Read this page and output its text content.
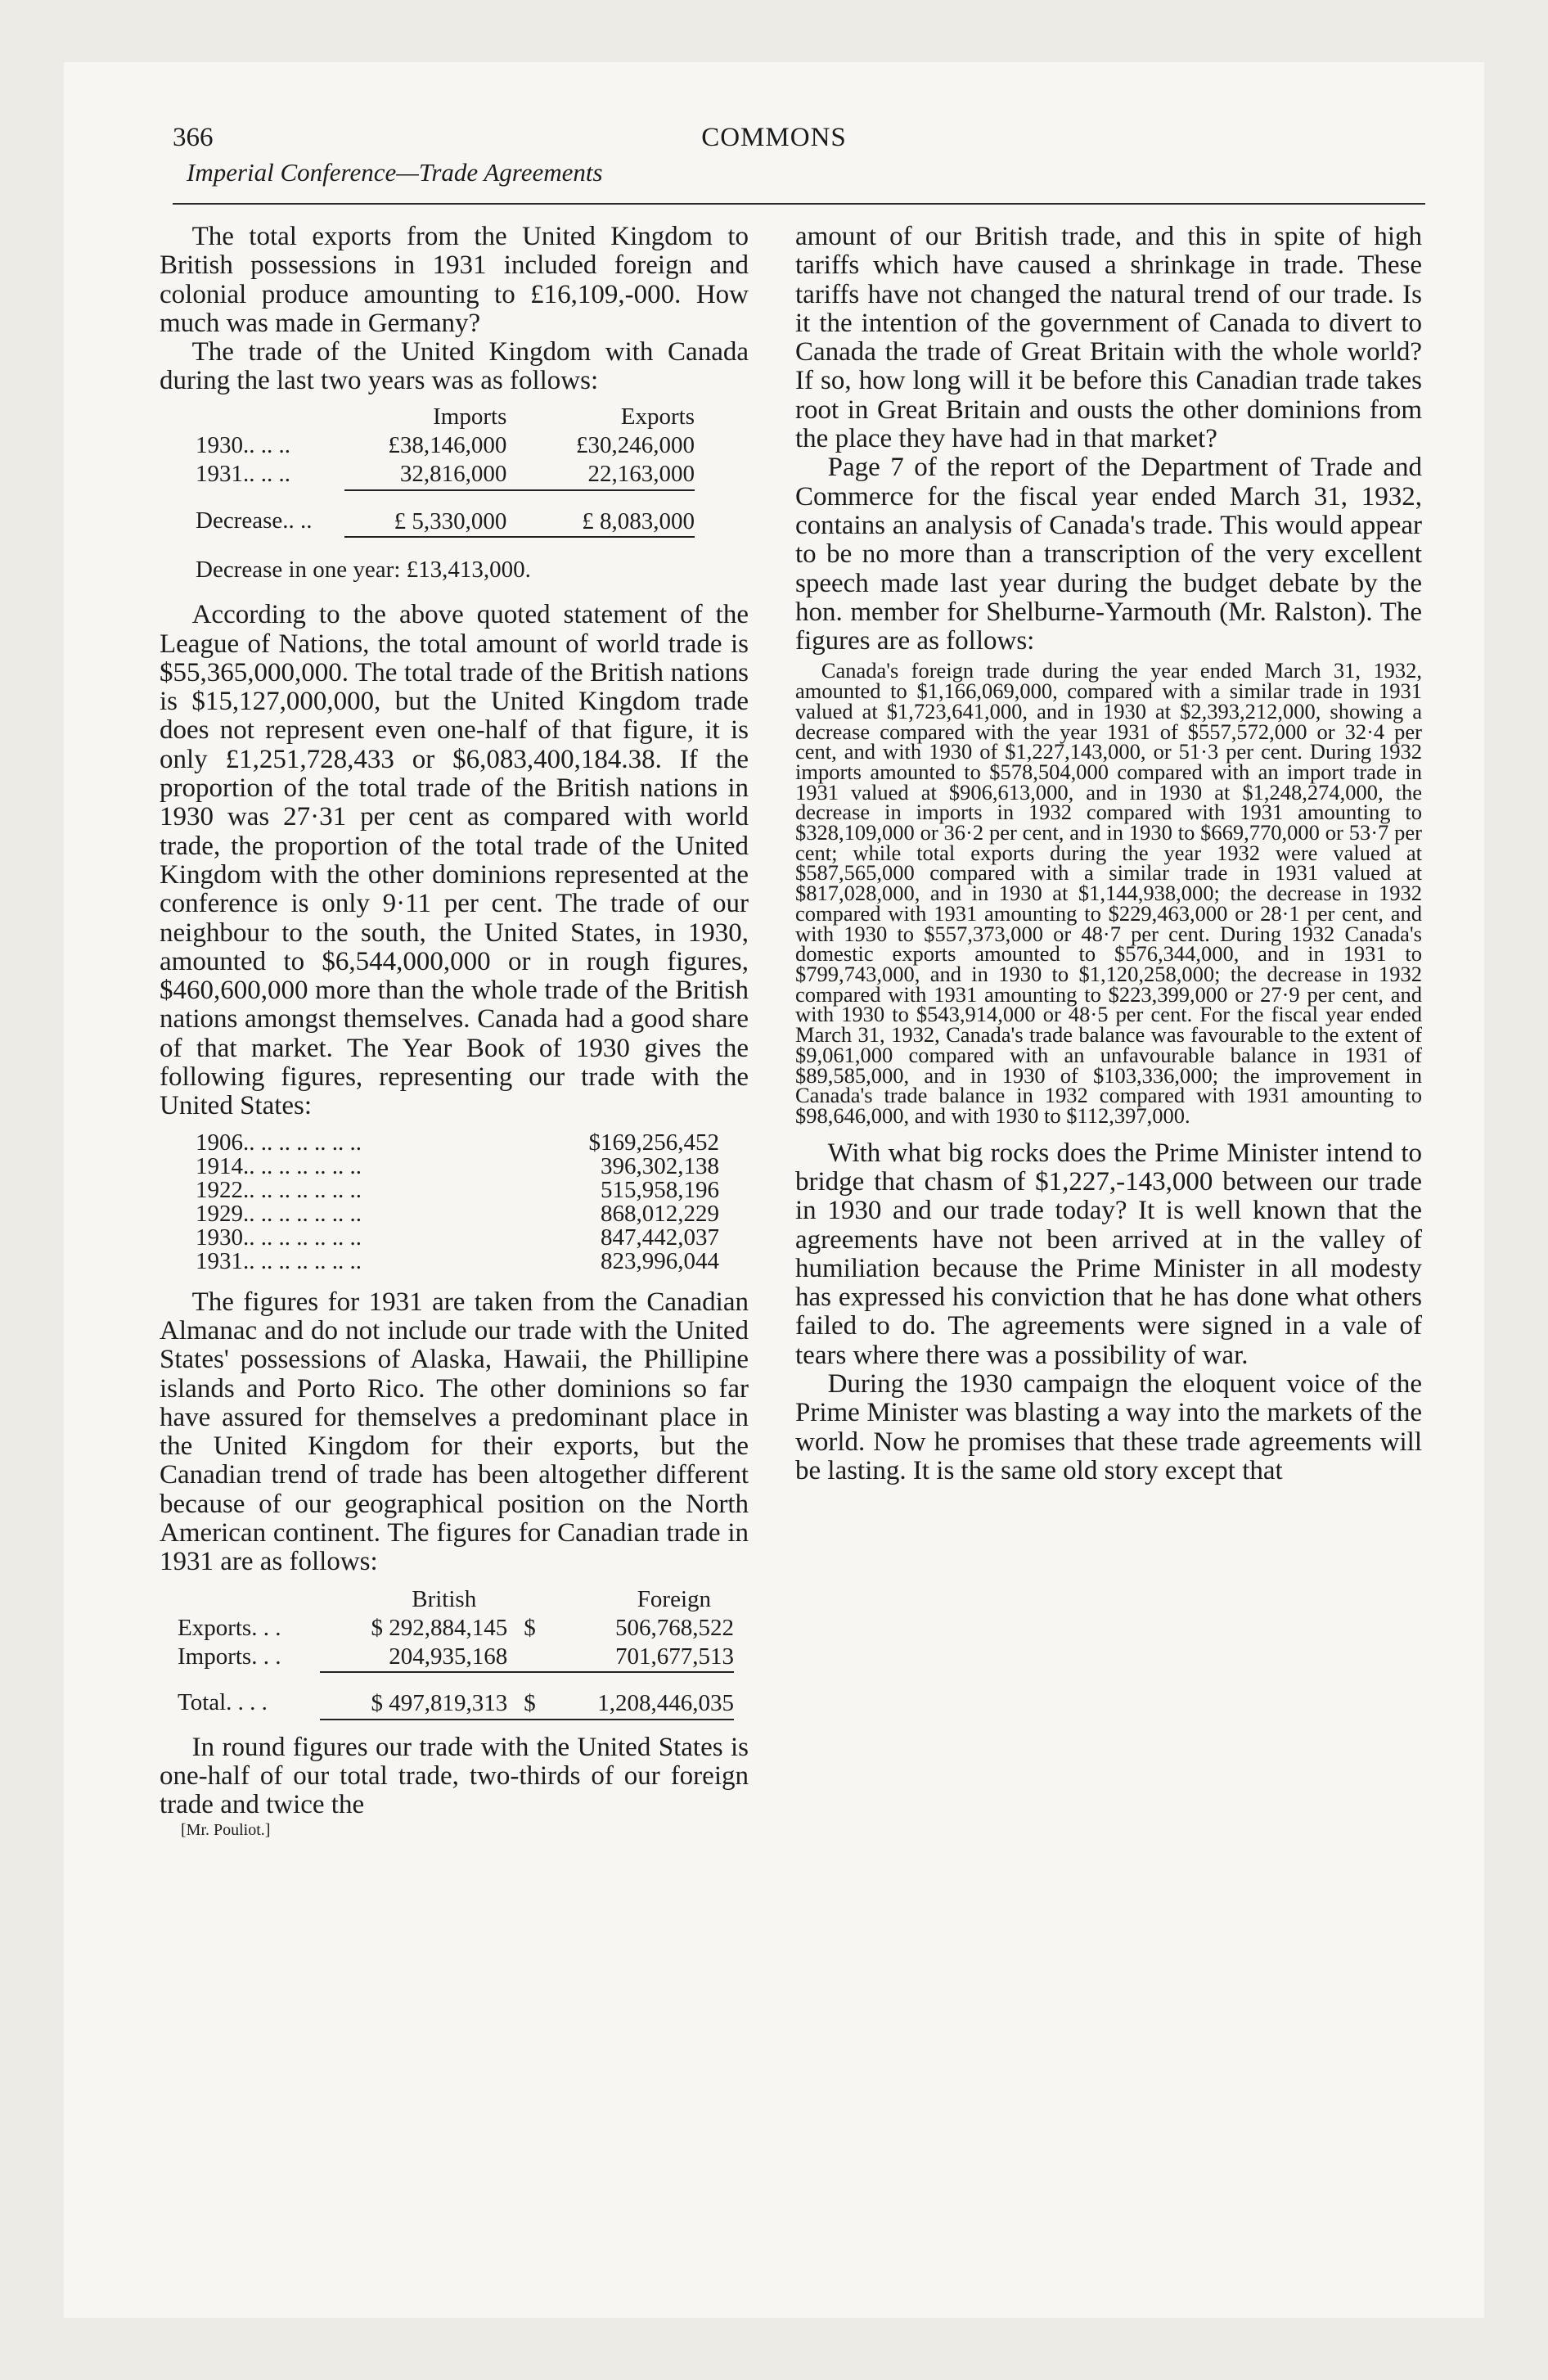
366	COMMONS
Imperial Conference—Trade Agreements

The total exports from the United Kingdom to British possessions in 1931 included foreign and colonial produce amounting to £16,109,-000. How much was made in Germany?

The trade of the United Kingdom with Canada during the last two years was as follows:

	Imports	Exports
1930.. .. ..	£38,146,000	£30,246,000
1931.. .. ..	32,816,000	22,163,000
Decrease.. ..	£ 5,330,000	£ 8,083,000

Decrease in one year: £13,413,000.

According to the above quoted statement of the League of Nations, the total amount of world trade is $55,365,000,000. The total trade of the British nations is $15,127,000,000, but the United Kingdom trade does not represent even one-half of that figure, it is only £1,251,728,433 or $6,083,400,184.38. If the proportion of the total trade of the British nations in 1930 was 27·31 per cent as compared with world trade, the proportion of the total trade of the United Kingdom with the other dominions represented at the conference is only 9·11 per cent. The trade of our neighbour to the south, the United States, in 1930, amounted to $6,544,000,000 or in rough figures, $460,600,000 more than the whole trade of the British nations amongst themselves. Canada had a good share of that market. The Year Book of 1930 gives the following figures, representing our trade with the United States:

1906.. .. .. .. .. .. ..	$169,256,452
1914.. .. .. .. .. .. ..	396,302,138
1922.. .. .. .. .. .. ..	515,958,196
1929.. .. .. .. .. .. ..	868,012,229
1930.. .. .. .. .. .. ..	847,442,037
1931.. .. .. .. .. .. ..	823,996,044

The figures for 1931 are taken from the Canadian Almanac and do not include our trade with the United States' possessions of Alaska, Hawaii, the Phillipine islands and Porto Rico. The other dominions so far have assured for themselves a predominant place in the United Kingdom for their exports, but the Canadian trend of trade has been altogether different because of our geographical position on the North American continent. The figures for Canadian trade in 1931 are as follows:

	British		Foreign
Exports. . .	$ 292,884,145	$	506,768,522
Imports. . .	204,935,168		701,677,513
Total. . . .	$ 497,819,313	$	1,208,446,035

In round figures our trade with the United States is one-half of our total trade, two-thirds of our foreign trade and twice the

[Mr. Pouliot.]

amount of our British trade, and this in spite of high tariffs which have caused a shrinkage in trade. These tariffs have not changed the natural trend of our trade. Is it the intention of the government of Canada to divert to Canada the trade of Great Britain with the whole world? If so, how long will it be before this Canadian trade takes root in Great Britain and ousts the other dominions from the place they have had in that market?

Page 7 of the report of the Department of Trade and Commerce for the fiscal year ended March 31, 1932, contains an analysis of Canada's trade. This would appear to be no more than a transcription of the very excellent speech made last year during the budget debate by the hon. member for Shelburne-Yarmouth (Mr. Ralston). The figures are as follows:

Canada's foreign trade during the year ended March 31, 1932, amounted to $1,166,069,000, compared with a similar trade in 1931 valued at $1,723,641,000, and in 1930 at $2,393,212,000, showing a decrease compared with the year 1931 of $557,572,000 or 32·4 per cent, and with 1930 of $1,227,143,000, or 51·3 per cent. During 1932 imports amounted to $578,504,000 compared with an import trade in 1931 valued at $906,613,000, and in 1930 at $1,248,274,000, the decrease in imports in 1932 compared with 1931 amounting to $328,109,000 or 36·2 per cent, and in 1930 to $669,770,000 or 53·7 per cent; while total exports during the year 1932 were valued at $587,565,000 compared with a similar trade in 1931 valued at $817,028,000, and in 1930 at $1,144,938,000; the decrease in 1932 compared with 1931 amounting to $229,463,000 or 28·1 per cent, and with 1930 to $557,373,000 or 48·7 per cent. During 1932 Canada's domestic exports amounted to $576,344,000, and in 1931 to $799,743,000, and in 1930 to $1,120,258,000; the decrease in 1932 compared with 1931 amounting to $223,399,000 or 27·9 per cent, and with 1930 to $543,914,000 or 48·5 per cent. For the fiscal year ended March 31, 1932, Canada's trade balance was favourable to the extent of $9,061,000 compared with an unfavourable balance in 1931 of $89,585,000, and in 1930 of $103,336,000; the improvement in Canada's trade balance in 1932 compared with 1931 amounting to $98,646,000, and with 1930 to $112,397,000.

With what big rocks does the Prime Minister intend to bridge that chasm of $1,227,-143,000 between our trade in 1930 and our trade today? It is well known that the agreements have not been arrived at in the valley of humiliation because the Prime Minister in all modesty has expressed his conviction that he has done what others failed to do. The agreements were signed in a vale of tears where there was a possibility of war.

During the 1930 campaign the eloquent voice of the Prime Minister was blasting a way into the markets of the world. Now he promises that these trade agreements will be lasting. It is the same old story except that
